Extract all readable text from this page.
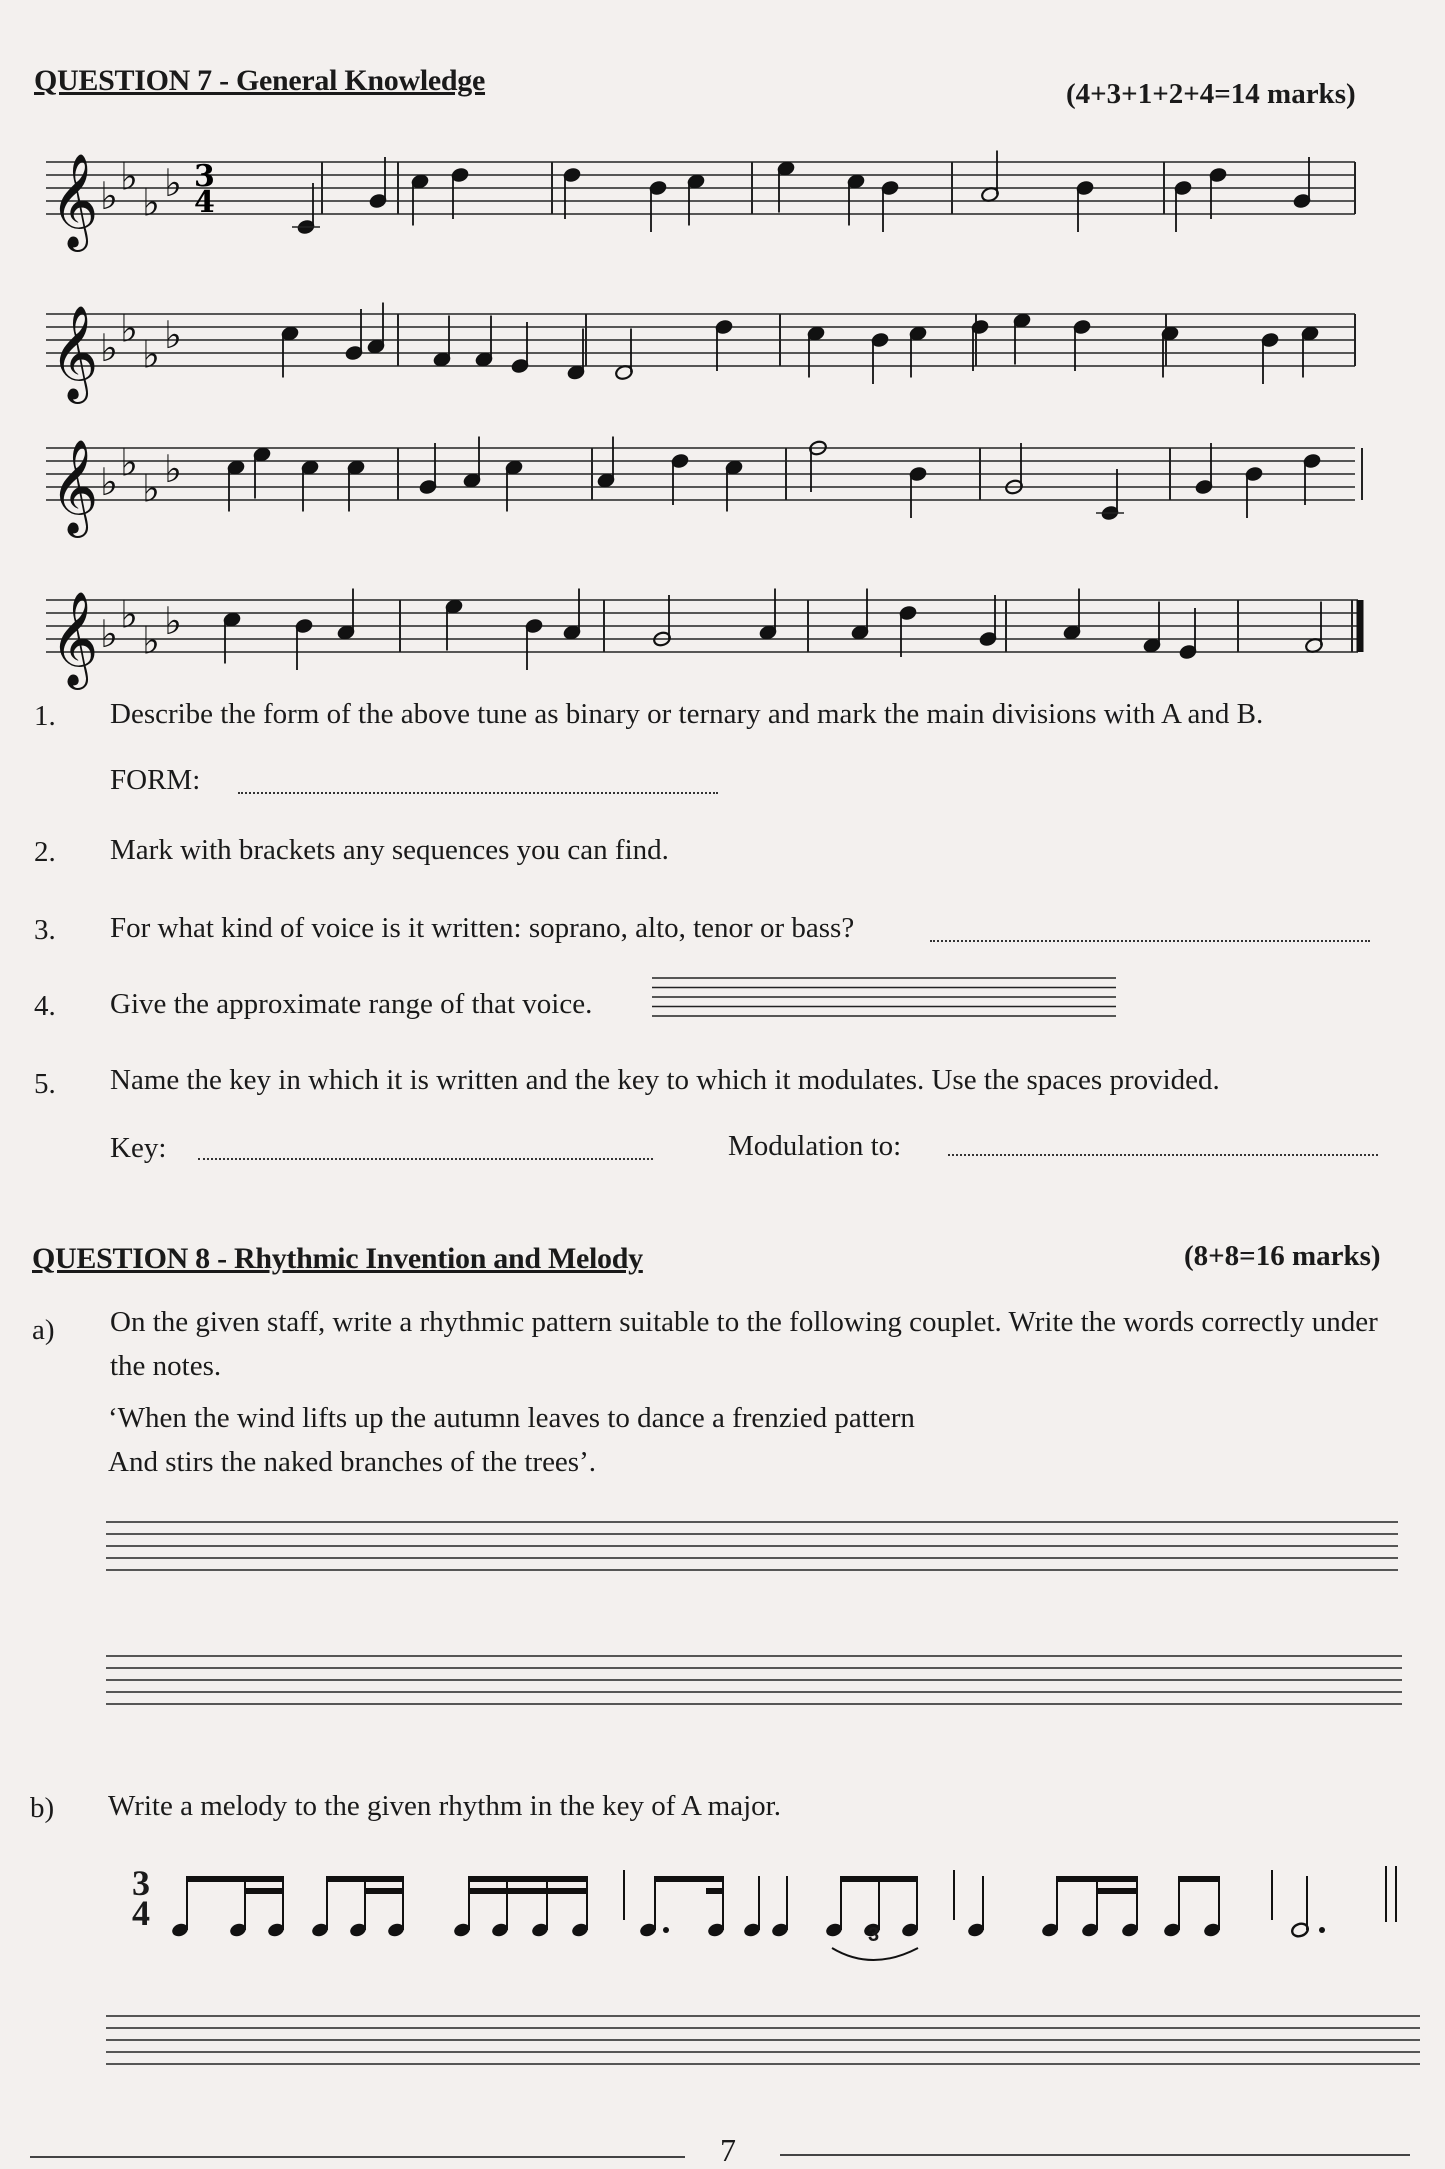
QUESTION 7 - General Knowledge	(4+3+1+2+4=14 marks)
𝄞 ♭ ♭
♭ ♭ 3
4
𝄞 ♭ ♭
♭ ♭
𝄞 ♭ ♭
♭ ♭
𝄞 ♭ ♭
♭ ♭
1. Describe the form of the above tune as binary or ternary and mark the main divisions with A and B.
FORM:
2. Mark with brackets any sequences you can find.
3. For what kind of voice is it written: soprano, alto, tenor or bass?
4. Give the approximate range of that voice.
5. Name the key in which it is written and the key to which it modulates. Use the spaces provided.
Key:	Modulation to:
QUESTION 8 - Rhythmic Invention and Melody	(8+8=16 marks)
a) On the given staff, write a rhythmic pattern suitable to the following couplet. Write the words correctly under the notes.
‘When the wind lifts up the autumn leaves to dance a frenzied pattern
And stirs the naked branches of the trees’.
b) Write a melody to the given rhythm in the key of A major.
3
4
3
7
